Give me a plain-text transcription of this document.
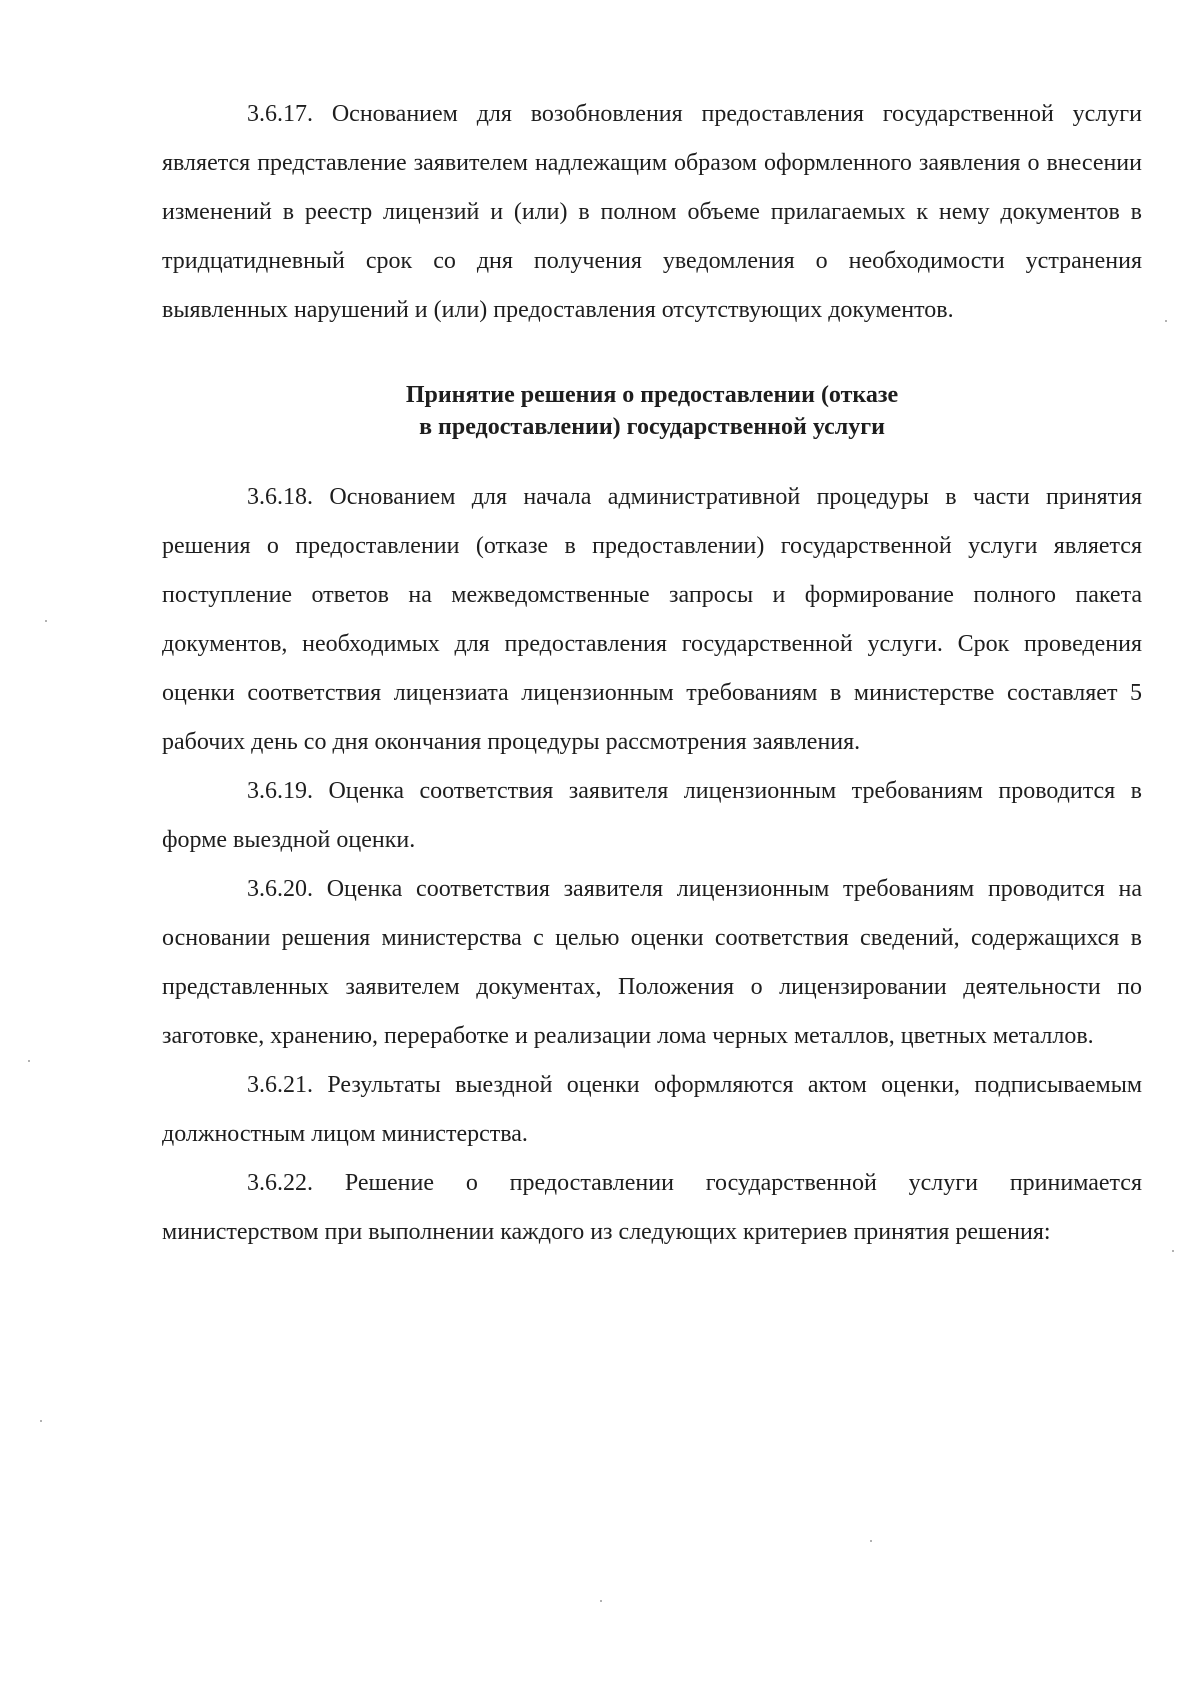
3.6.17. Основанием для возобновления предоставления государственной услуги является представление заявителем надлежащим образом оформленного заявления о внесении изменений в реестр лицензий и (или) в полном объеме прилагаемых к нему документов в тридцатидневный срок со дня получения уведомления о необходимости устранения выявленных нарушений и (или) предоставления отсутствующих документов.

Принятие решения о предоставлении (отказе
в предоставлении) государственной услуги

3.6.18. Основанием для начала административной процедуры в части принятия решения о предоставлении (отказе в предоставлении) государственной услуги является поступление ответов на межведомственные запросы и формирование полного пакета документов, необходимых для предоставления государственной услуги. Срок проведения оценки соответствия лицензиата лицензионным требованиям в министерстве составляет 5 рабочих день со дня окончания процедуры рассмотрения заявления.

3.6.19. Оценка соответствия заявителя лицензионным требованиям проводится в форме выездной оценки.

3.6.20. Оценка соответствия заявителя лицензионным требованиям проводится на основании решения министерства с целью оценки соответствия сведений, содержащихся в представленных заявителем документах, Положения о лицензировании деятельности по заготовке, хранению, переработке и реализации лома черных металлов, цветных металлов.

3.6.21. Результаты выездной оценки оформляются актом оценки, подписываемым должностным лицом министерства.

3.6.22. Решение о предоставлении государственной услуги принимается министерством при выполнении каждого из следующих критериев принятия решения:
